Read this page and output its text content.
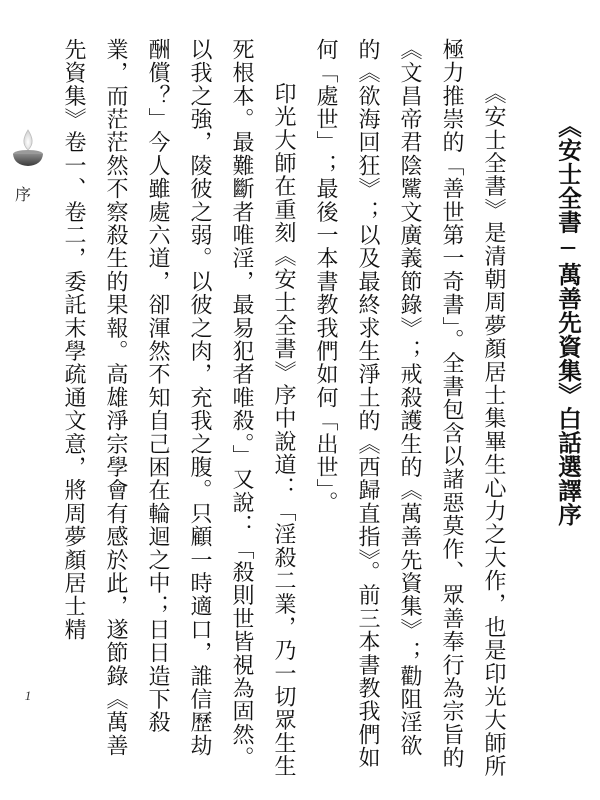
序
1
《安士全書─萬善先資集》白話選譯序

《安士全書》是清朝周夢顏居士集畢生心力之大作，也是印光大師所極力推崇的「善世第一奇書」。全書包含以諸惡莫作、眾善奉行為宗旨的《文昌帝君陰騭文廣義節錄》；戒殺護生的《萬善先資集》；勸阻淫欲的《欲海回狂》；以及最終求生淨土的《西歸直指》。前三本書教我們如何「處世」；最後一本書教我們如何「出世」。

印光大師在重刻《安士全書》序中說道：「淫殺二業，乃一切眾生生死根本。最難斷者唯淫，最易犯者唯殺。」又說：「殺則世皆視為固然。以我之強，陵彼之弱。以彼之肉，充我之腹。只顧一時適口，誰信歷劫酬償？」今人雖處六道，卻渾然不知自己困在輪迴之中；日日造下殺業，而茫茫然不察殺生的果報。高雄淨宗學會有感於此，遂節錄《萬善先資集》卷一、卷二，委託末學疏通文意，將周夢顏居士精
